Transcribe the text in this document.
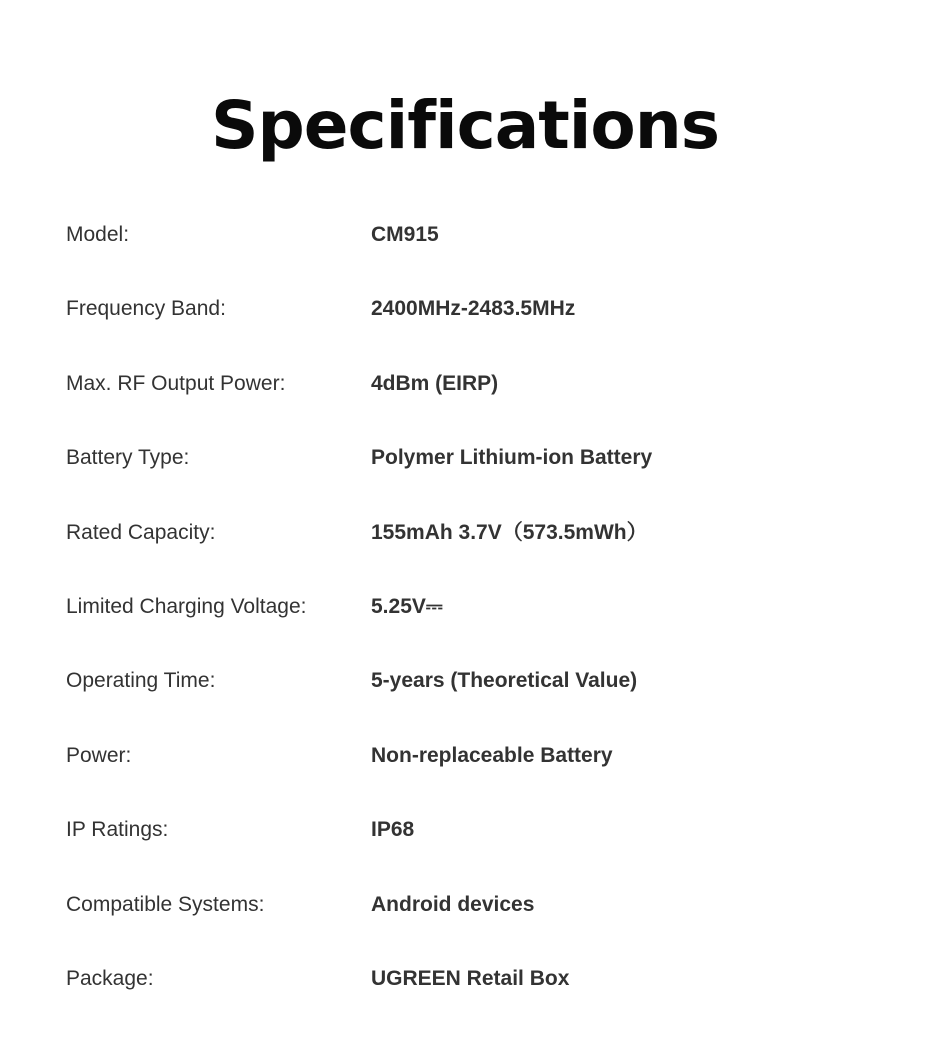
Specifications
Model:	CM915
Frequency Band:	2400MHz-2483.5MHz
Max. RF Output Power:	4dBm (EIRP)
Battery Type:	Polymer Lithium-ion Battery
Rated Capacity:	155mAh 3.7V（573.5mWh）
Limited Charging Voltage:	5.25V⎓
Operating Time:	5-years (Theoretical Value)
Power:	Non-replaceable Battery
IP Ratings:	IP68
Compatible Systems:	Android devices
Package:	UGREEN Retail Box
